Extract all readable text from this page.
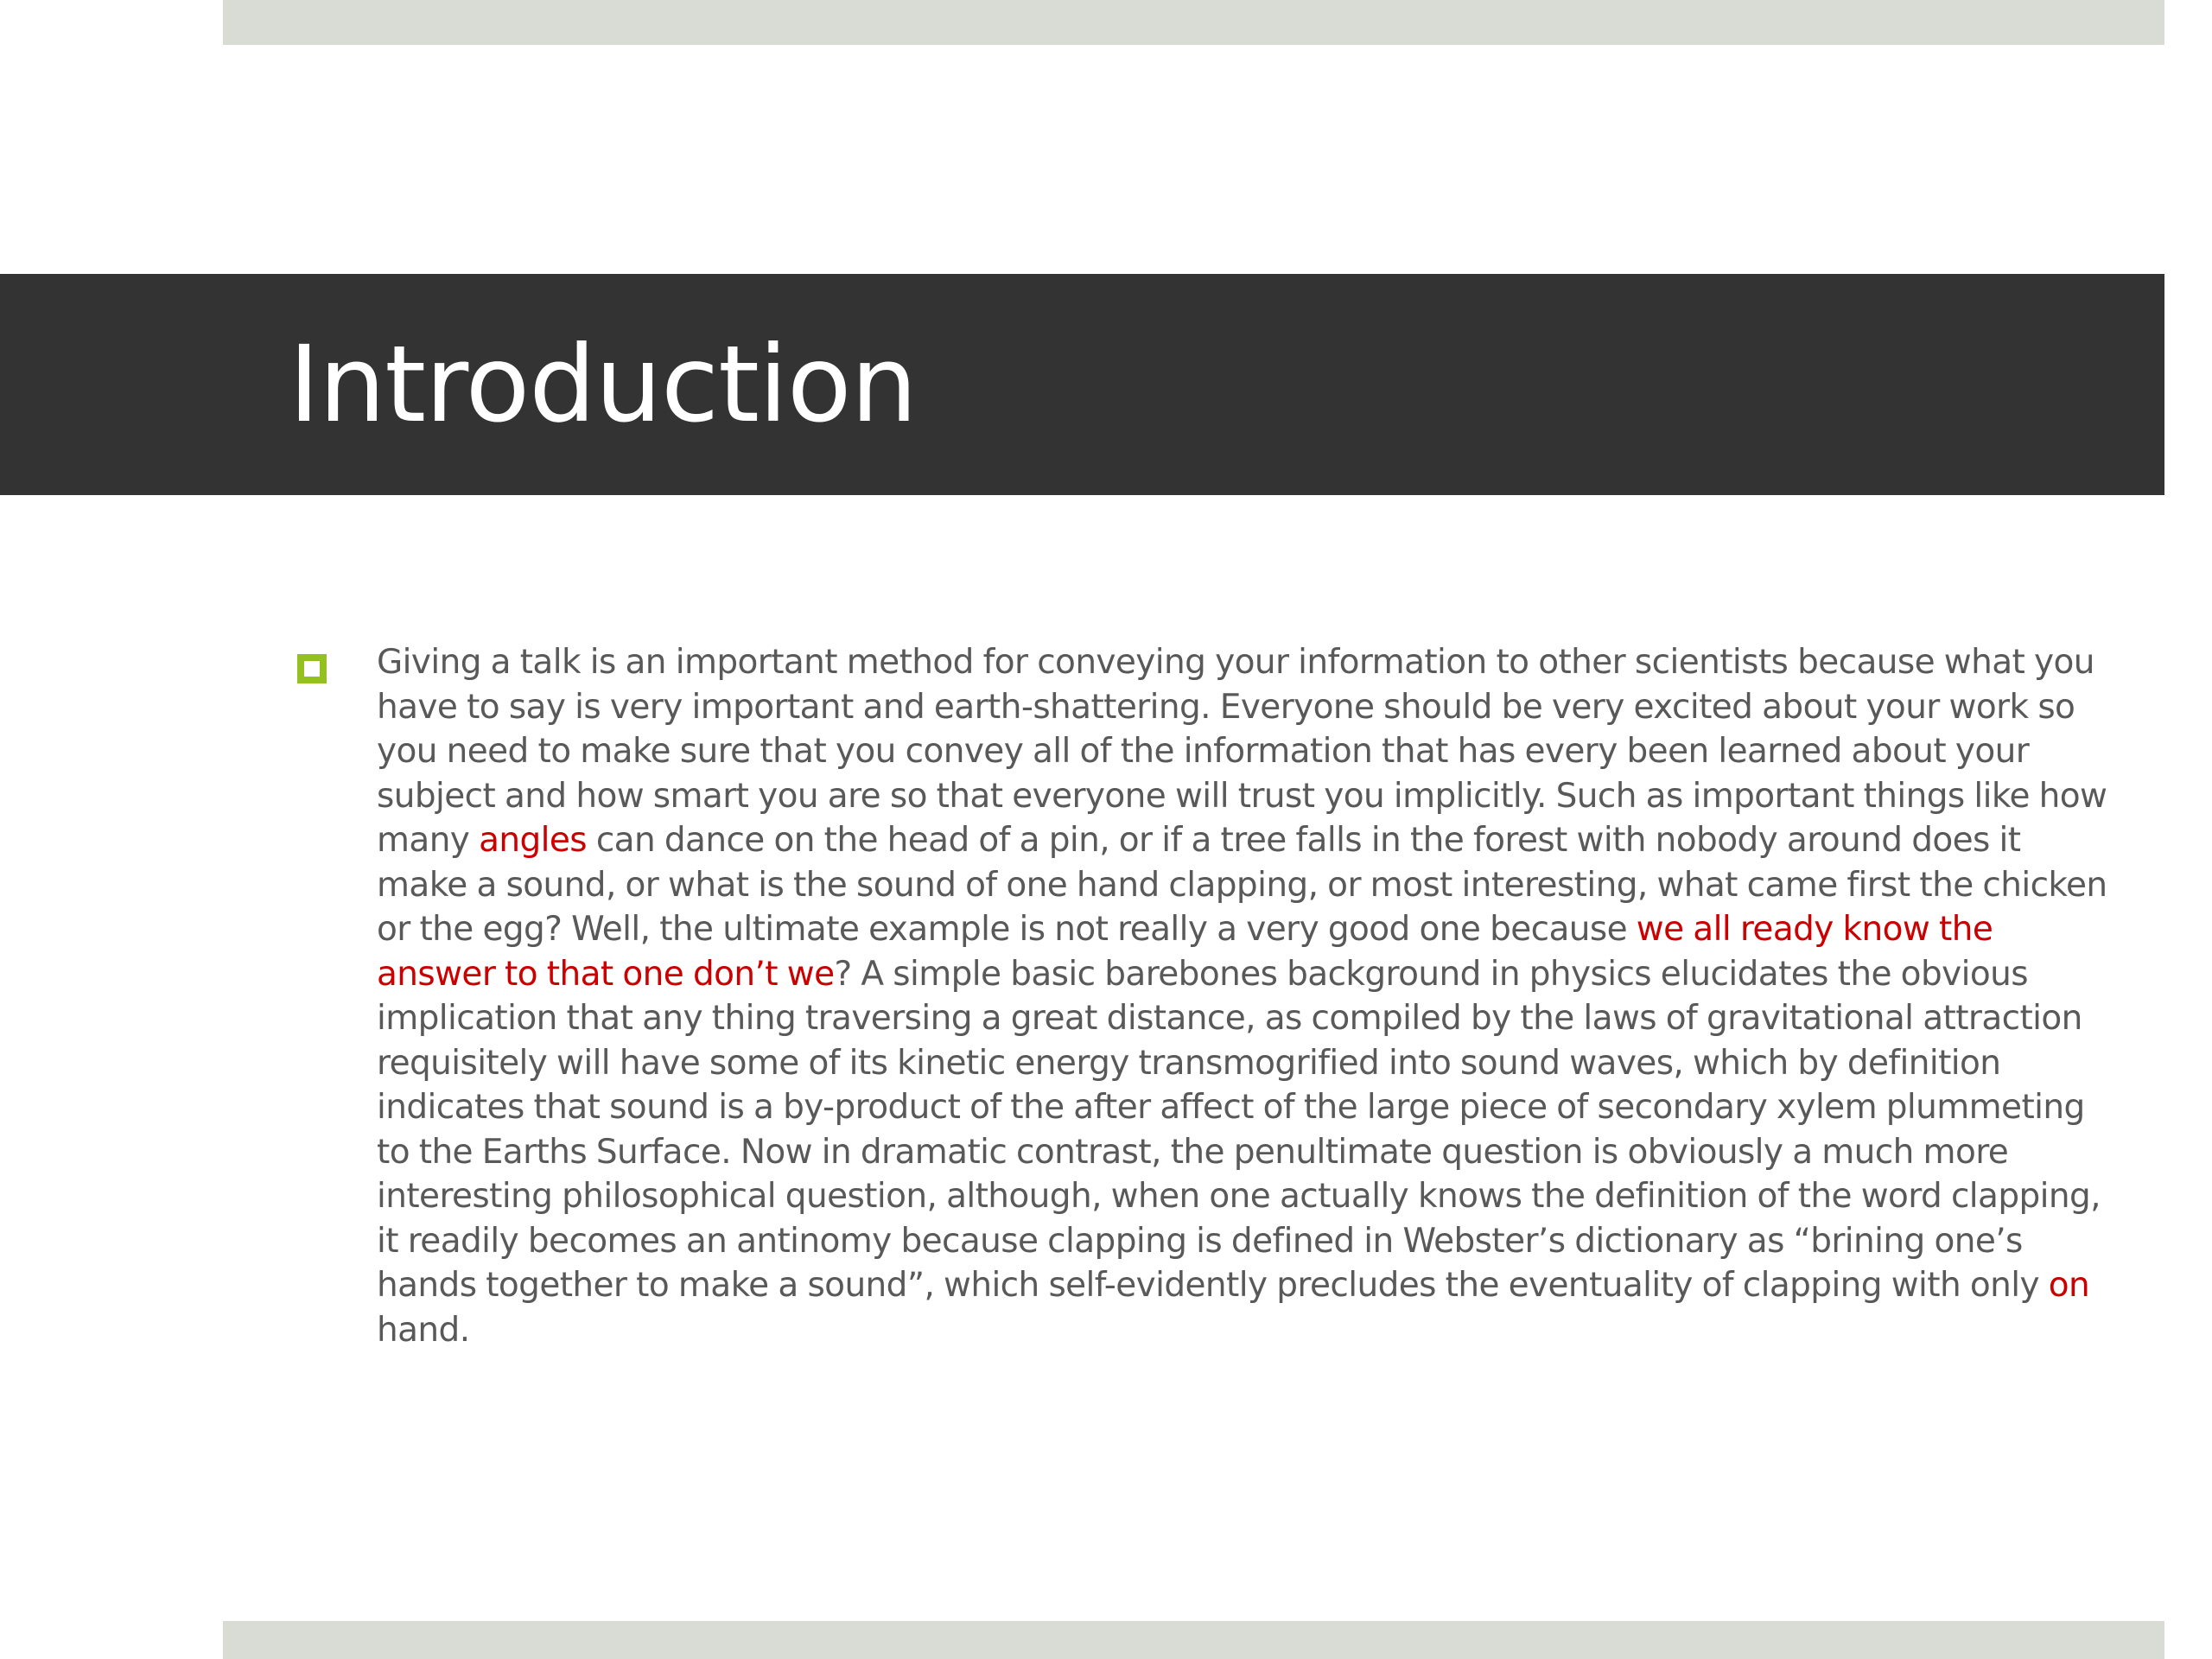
Introduction

Giving a talk is an important method for conveying your information to other scientists because what you have to say is very important and earth-shattering. Everyone should be very excited about your work so you need to make sure that you convey all of the information that has every been learned about your subject and how smart you are so that everyone will trust you implicitly. Such as important things like how many angles can dance on the head of a pin, or if a tree falls in the forest with nobody around does it make a sound, or what is the sound of one hand clapping, or most interesting, what came first the chicken or the egg? Well, the ultimate example is not really a very good one because we all ready know the answer to that one don’t we? A simple basic barebones background in physics elucidates the obvious implication that any thing traversing a great distance, as compiled by the laws of gravitational attraction requisitely will have some of its kinetic energy transmogrified into sound waves, which by definition indicates that sound is a by-product of the after affect of the large piece of secondary xylem plummeting to the Earths Surface. Now in dramatic contrast, the penultimate question is obviously a much more interesting philosophical question, although, when one actually knows the definition of the word clapping, it readily becomes an antinomy because clapping is defined in Webster’s dictionary as “brining one’s hands together to make a sound”, which self-evidently precludes the eventuality of clapping with only on hand.
